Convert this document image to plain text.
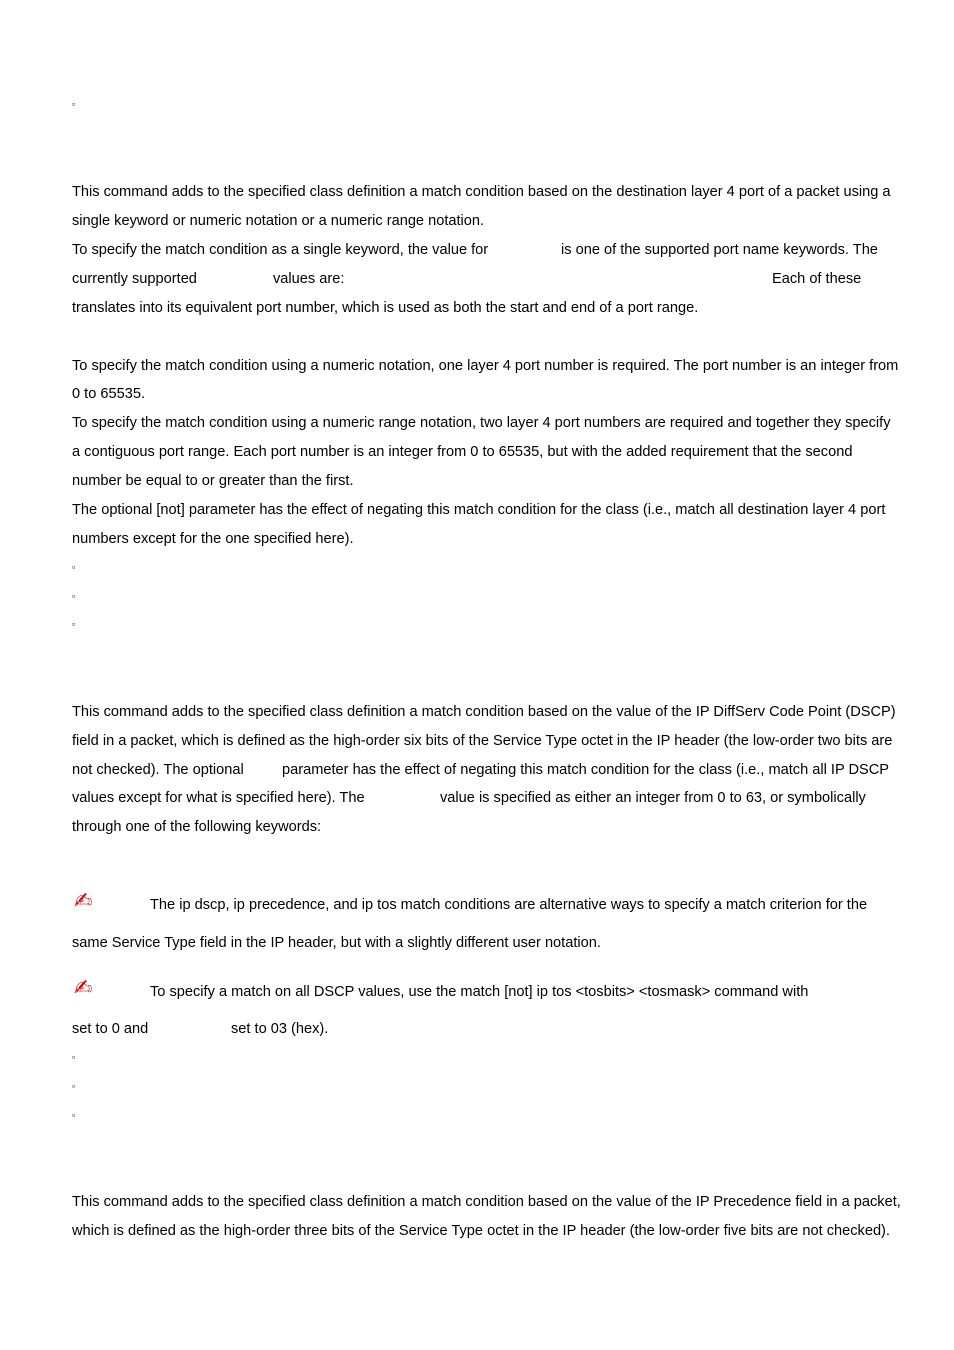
▫
This command adds to the specified class definition a match condition based on the destination layer 4 port of a packet using a
single keyword or numeric notation or a numeric range notation.
To specify the match condition as a single keyword, the value for	is one of the supported port name keywords. The
currently supported	values are:	Each of these
translates into its equivalent port number, which is used as both the start and end of a port range.
To specify the match condition using a numeric notation, one layer 4 port number is required. The port number is an integer from
0 to 65535.
To specify the match condition using a numeric range notation, two layer 4 port numbers are required and together they specify
a contiguous port range. Each port number is an integer from 0 to 65535, but with the added requirement that the second
number be equal to or greater than the first.
The optional [not] parameter has the effect of negating this match condition for the class (i.e., match all destination layer 4 port
numbers except for the one specified here).
▫
▫
▫
This command adds to the specified class definition a match condition based on the value of the IP DiffServ Code Point (DSCP)
field in a packet, which is defined as the high-order six bits of the Service Type octet in the IP header (the low-order two bits are
not checked). The optional	parameter has the effect of negating this match condition for the class (i.e., match all IP DSCP
values except for what is specified here). The	value is specified as either an integer from 0 to 63, or symbolically
through one of the following keywords:
✍	The ip dscp, ip precedence, and ip tos match conditions are alternative ways to specify a match criterion for the
same Service Type field in the IP header, but with a slightly different user notation.
✍	To specify a match on all DSCP values, use the match [not] ip tos <tosbits> <tosmask> command with
set to 0 and	set to 03 (hex).
▫
▫
▫
This command adds to the specified class definition a match condition based on the value of the IP Precedence field in a packet,
which is defined as the high-order three bits of the Service Type octet in the IP header (the low-order five bits are not checked).
